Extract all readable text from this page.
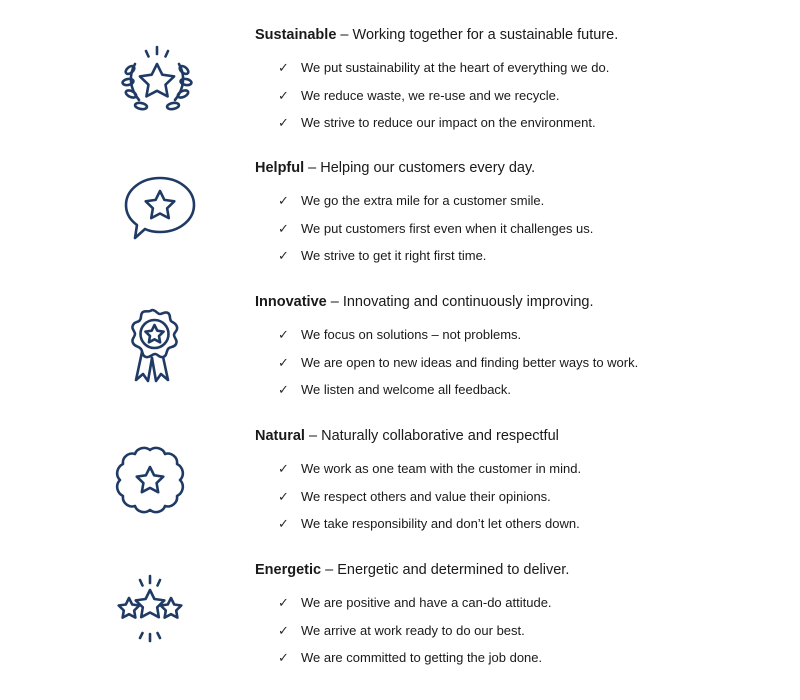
Sustainable – Working together for a sustainable future.

✓ We put sustainability at the heart of everything we do.
✓ We reduce waste, we re-use and we recycle.
✓ We strive to reduce our impact on the environment.

Helpful – Helping our customers every day.

✓ We go the extra mile for a customer smile.
✓ We put customers first even when it challenges us.
✓ We strive to get it right first time.

Innovative – Innovating and continuously improving.

✓ We focus on solutions – not problems.
✓ We are open to new ideas and finding better ways to work.
✓ We listen and welcome all feedback.

Natural – Naturally collaborative and respectful

✓ We work as one team with the customer in mind.
✓ We respect others and value their opinions.
✓ We take responsibility and don’t let others down.

Energetic – Energetic and determined to deliver.

✓ We are positive and have a can-do attitude.
✓ We arrive at work ready to do our best.
✓ We are committed to getting the job done.
